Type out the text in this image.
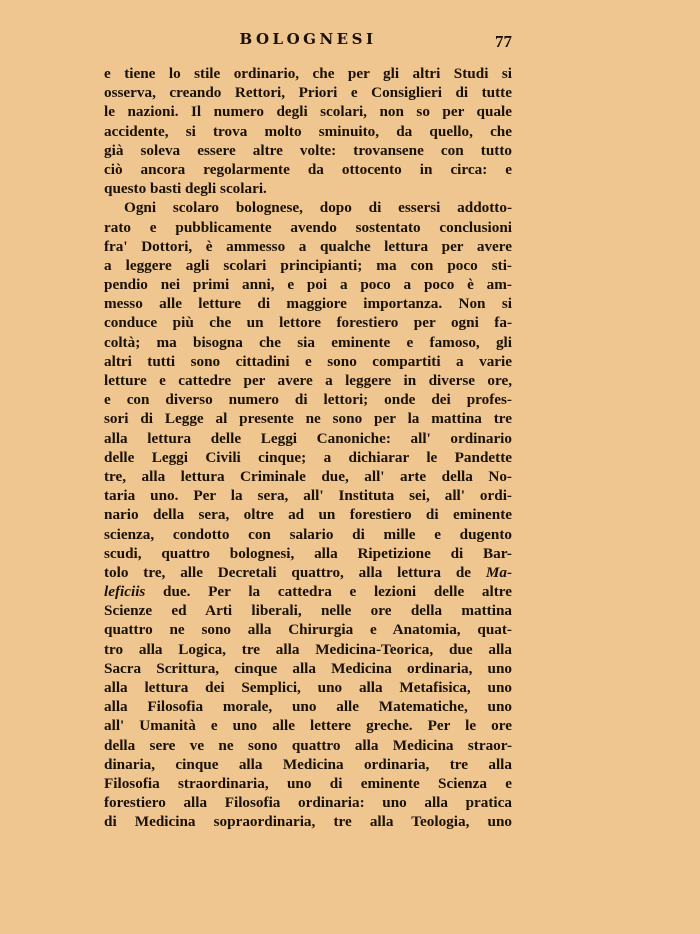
BOLOGNESI	77
e tiene lo stile ordinario, che per gli altri Studi si
osserva, creando Rettori, Priori e Consiglieri di tutte
le nazioni. Il numero degli scolari, non so per quale
accidente, si trova molto sminuito, da quello, che
già soleva essere altre volte: trovansene con tutto
ciò ancora regolarmente da ottocento in circa: e
questo basti degli scolari.
Ogni scolaro bolognese, dopo di essersi addotto-
rato e pubblicamente avendo sostentato conclusioni
fra' Dottori, è ammesso a qualche lettura per avere
a leggere agli scolari principianti; ma con poco sti-
pendio nei primi anni, e poi a poco a poco è am-
messo alle letture di maggiore importanza. Non si
conduce più che un lettore forestiero per ogni fa-
coltà; ma bisogna che sia eminente e famoso, gli
altri tutti sono cittadini e sono compartiti a varie
letture e cattedre per avere a leggere in diverse ore,
e con diverso numero di lettori; onde dei profes-
sori di Legge al presente ne sono per la mattina tre
alla lettura delle Leggi Canoniche: all' ordinario
delle Leggi Civili cinque; a dichiarar le Pandette
tre, alla lettura Criminale due, all' arte della No-
taria uno. Per la sera, all' Instituta sei, all' ordi-
nario della sera, oltre ad un forestiero di eminente
scienza, condotto con salario di mille e dugento
scudi, quattro bolognesi, alla Ripetizione di Bar-
tolo tre, alle Decretali quattro, alla lettura de Ma-
leficiis due. Per la cattedra e lezioni delle altre
Scienze ed Arti liberali, nelle ore della mattina
quattro ne sono alla Chirurgia e Anatomia, quat-
tro alla Logica, tre alla Medicina-Teorica, due alla
Sacra Scrittura, cinque alla Medicina ordinaria, uno
alla lettura dei Semplici, uno alla Metafisica, uno
alla Filosofia morale, uno alle Matematiche, uno
all' Umanità e uno alle lettere greche. Per le ore
della sere ve ne sono quattro alla Medicina straor-
dinaria, cinque alla Medicina ordinaria, tre alla
Filosofia straordinaria, uno di eminente Scienza e
forestiero alla Filosofia ordinaria: uno alla pratica
di Medicina sopraordinaria, tre alla Teologia, uno
